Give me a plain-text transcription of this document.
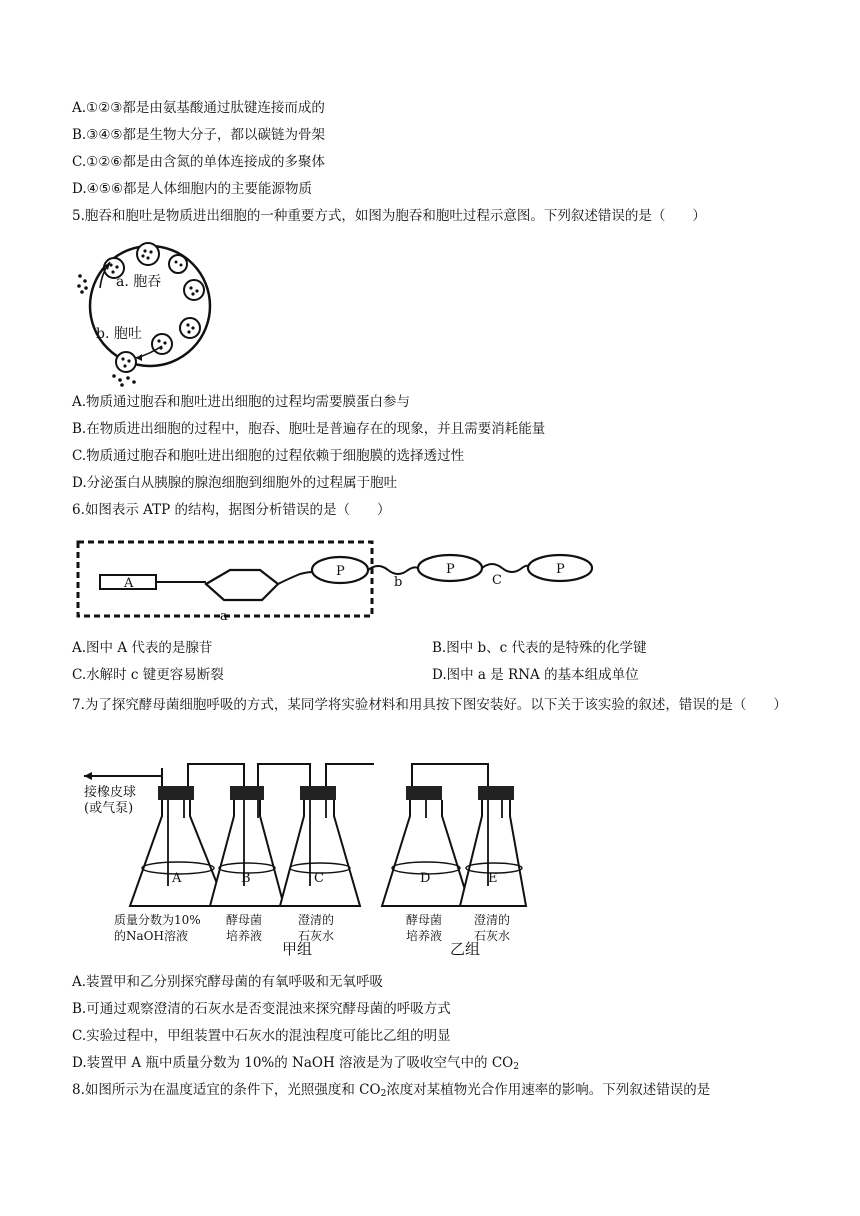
A.①②③都是由氨基酸通过肽键连接而成的
B.③④⑤都是生物大分子，都以碳链为骨架
C.①②⑥都是由含氮的单体连接成的多聚体
D.④⑤⑥都是人体细胞内的主要能源物质
5.胞吞和胞吐是物质进出细胞的一种重要方式，如图为胞吞和胞吐过程示意图。下列叙述错误的是（　　）
a. 胞吞
b. 胞吐
A.物质通过胞吞和胞吐进出细胞的过程均需要膜蛋白参与
B.在物质进出细胞的过程中，胞吞、胞吐是普遍存在的现象，并且需要消耗能量
C.物质通过胞吞和胞吐进出细胞的过程依赖于细胞膜的选择透过性
D.分泌蛋白从胰腺的腺泡细胞到细胞外的过程属于胞吐
6.如图表示 ATP 的结构，据图分析错误的是（　　）
A
P
b
P
C
P
a
A.图中 A 代表的是腺苷	B.图中 b、c 代表的是特殊的化学键
C.水解时 c 键更容易断裂	D.图中 a 是 RNA 的基本组成单位
7.为了探究酵母菌细胞呼吸的方式，某同学将实验材料和用具按下图安装好。以下关于该实验的叙述，错误的是（　　）
接橡皮球
(或气泵)
A	B	C	D	E
质量分数为10%
的NaOH溶液
酵母菌
培养液
澄清的
石灰水
酵母菌
培养液
澄清的
石灰水
甲组	乙组
A.装置甲和乙分别探究酵母菌的有氧呼吸和无氧呼吸
B.可通过观察澄清的石灰水是否变混浊来探究酵母菌的呼吸方式
C.实验过程中，甲组装置中石灰水的混浊程度可能比乙组的明显
D.装置甲 A 瓶中质量分数为 10%的 NaOH 溶液是为了吸收空气中的 $CO_2$
8.如图所示为在温度适宜的条件下，光照强度和 $CO_2$浓度对某植物光合作用速率的影响。下列叙述错误的是
